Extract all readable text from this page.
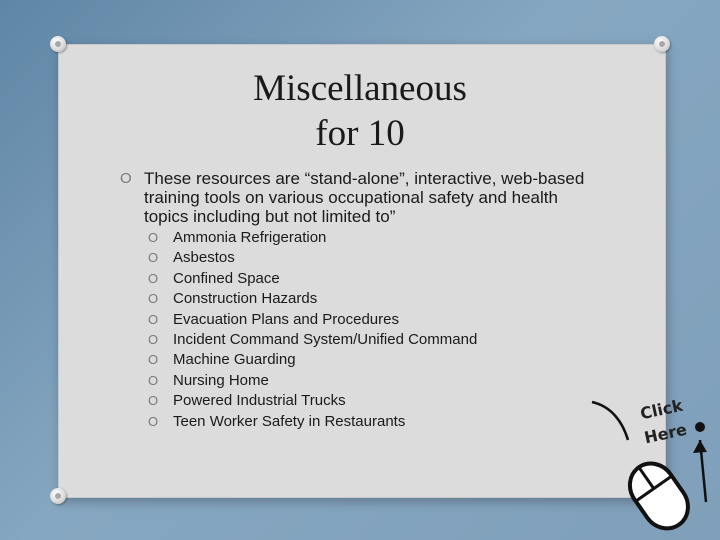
Miscellaneous
for 10
O These resources are “stand-alone”, interactive, web-based training tools on various occupational safety and health topics including but not limited to”
O Ammonia Refrigeration
O Asbestos
O Confined Space
O Construction Hazards
O Evacuation Plans and Procedures
O Incident Command System/Unified Command
O Machine Guarding
O Nursing Home
O Powered Industrial Trucks
O Teen Worker Safety in Restaurants	Click
Here
